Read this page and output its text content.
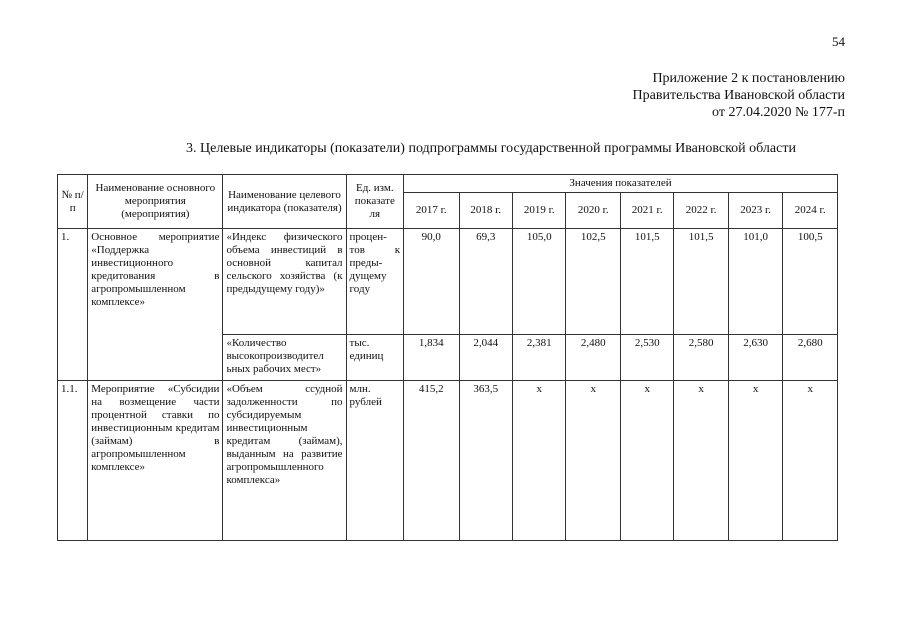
54
Приложение 2 к постановлению
Правительства Ивановской области
от 27.04.2020 № 177-п
3. Целевые индикаторы (показатели) подпрограммы государственной программы Ивановской области
№ п/п	Наименование основного мероприятия (мероприятия)	Наименование целевого индикатора (показателя)	Ед. изм. показате ля	Значения показателей							
				2017 г.	2018 г.	2019 г.	2020 г.	2021 г.	2022 г.	2023 г.	2024 г.
1.	Основное мероприятие «Поддержка инвестиционного кредитования в агропромышленном комплексе»	«Индекс физического объема инвестиций в основной капитал сельского хозяйства (к предыдущему году)»	процен-тов к преды-дущему году	90,0	69,3	105,0	102,5	101,5	101,5	101,0	100,5
		«Количество высокопроизводител ьных рабочих мест»	тыс. единиц	1,834	2,044	2,381	2,480	2,530	2,580	2,630	2,680
1.1.	Мероприятие «Субсидии на возмещение части процентной ставки по инвестиционным кредитам (займам) в агропромышленном комплексе»	«Объем ссудной задолженности по субсидируемым инвестиционным кредитам (займам), выданным на развитие агропромышленного комплекса»	млн. рублей	415,2	363,5	x	x	x	x	x	x
